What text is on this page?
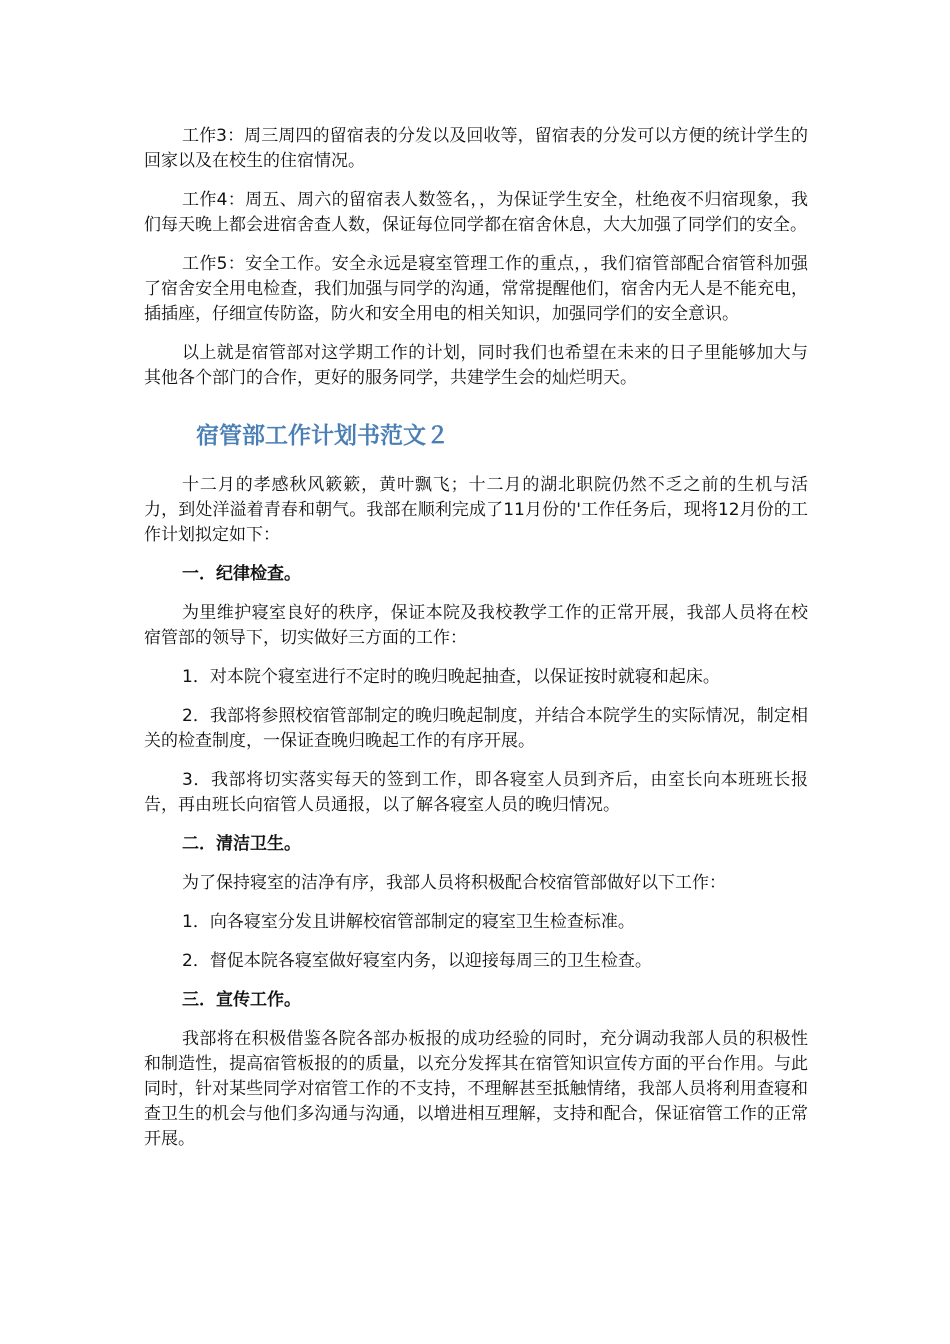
工作3：周三周四的留宿表的分发以及回收等，留宿表的分发可以方便的统计学生的回家以及在校生的住宿情况。

工作4：周五、周六的留宿表人数签名，，为保证学生安全，杜绝夜不归宿现象，我们每天晚上都会进宿舍查人数，保证每位同学都在宿舍休息，大大加强了同学们的安全。

工作5：安全工作。安全永远是寝室管理工作的重点，，我们宿管部配合宿管科加强了宿舍安全用电检查，我们加强与同学的沟通，常常提醒他们，宿舍内无人是不能充电，插插座，仔细宣传防盗，防火和安全用电的相关知识，加强同学们的安全意识。

以上就是宿管部对这学期工作的计划，同时我们也希望在未来的日子里能够加大与其他各个部门的合作，更好的服务同学，共建学生会的灿烂明天。

宿管部工作计划书范文２

十二月的孝感秋风簌簌，黄叶飘飞；十二月的湖北职院仍然不乏之前的生机与活力，到处洋溢着青春和朝气。我部在顺利完成了11月份的'工作任务后，现将12月份的工作计划拟定如下：

一．纪律检查。

为里维护寝室良好的秩序，保证本院及我校教学工作的正常开展，我部人员将在校宿管部的领导下，切实做好三方面的工作：

1．对本院个寝室进行不定时的晚归晚起抽查，以保证按时就寝和起床。

2．我部将参照校宿管部制定的晚归晚起制度，并结合本院学生的实际情况，制定相关的检查制度，一保证查晚归晚起工作的有序开展。

3．我部将切实落实每天的签到工作，即各寝室人员到齐后，由室长向本班班长报告，再由班长向宿管人员通报，以了解各寝室人员的晚归情况。

二．清洁卫生。

为了保持寝室的洁净有序，我部人员将积极配合校宿管部做好以下工作：

1．向各寝室分发且讲解校宿管部制定的寝室卫生检查标准。

2．督促本院各寝室做好寝室内务，以迎接每周三的卫生检查。

三．宣传工作。

我部将在积极借鉴各院各部办板报的成功经验的同时，充分调动我部人员的积极性和制造性，提高宿管板报的的质量，以充分发挥其在宿管知识宣传方面的平台作用。与此同时，针对某些同学对宿管工作的不支持，不理解甚至抵触情绪，我部人员将利用查寝和查卫生的机会与他们多沟通与沟通，以增进相互理解，支持和配合，保证宿管工作的正常开展。
